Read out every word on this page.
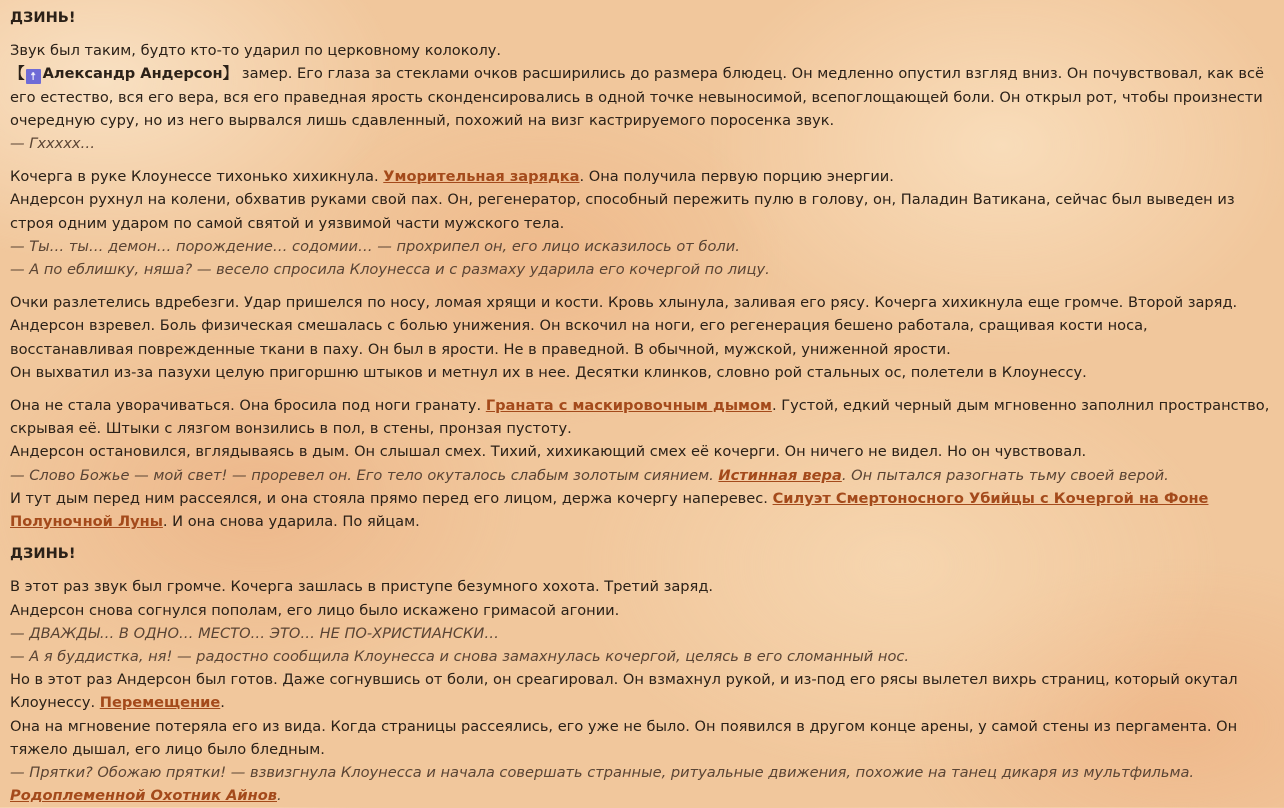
ДЗИНЬ!

Звук был таким, будто кто-то ударил по церковному колоколу.

【 ☨ Александр Андерсон】 замер. Его глаза за стеклами очков расширились до размера блюдец. Он медленно опустил взгляд вниз. Он почувствовал, как всё его естество, вся его вера, вся его праведная ярость сконденсировались в одной точке невыносимой, всепоглощающей боли. Он открыл рот, чтобы произнести очередную суру, но из него вырвался лишь сдавленный, похожий на визг кастрируемого поросенка звук.

— Гxxxxx…

Кочерга в руке Клоунессе тихонько хихикнула. Уморительная зарядка. Она получила первую порцию энергии.

Андерсон рухнул на колени, обхватив руками свой пах. Он, регенератор, способный пережить пулю в голову, он, Паладин Ватикана, сейчас был выведен из строя одним ударом по самой святой и уязвимой части мужского тела.

— Ты… ты… демон… порождение… содомии… — прохрипел он, его лицо исказилось от боли.

— А по еблишку, няша? — весело спросила Клоунесса и с размаху ударила его кочергой по лицу.

Очки разлетелись вдребезги. Удар пришелся по носу, ломая хрящи и кости. Кровь хлынула, заливая его рясу. Кочерга хихикнула еще громче. Второй заряд.

Андерсон взревел. Боль физическая смешалась с болью унижения. Он вскочил на ноги, его регенерация бешено работала, сращивая кости носа, восстанавливая поврежденные ткани в паху. Он был в ярости. Не в праведной. В обычной, мужской, униженной ярости.

Он выхватил из-за пазухи целую пригоршню штыков и метнул их в нее. Десятки клинков, словно рой стальных ос, полетели в Клоунессу.

Она не стала уворачиваться. Она бросила под ноги гранату. Граната с маскировочным дымом. Густой, едкий черный дым мгновенно заполнил пространство, скрывая её. Штыки с лязгом вонзились в пол, в стены, пронзая пустоту.

Андерсон остановился, вглядываясь в дым. Он слышал смех. Тихий, хихикающий смех её кочерги. Он ничего не видел. Но он чувствовал.

— Слово Божье — мой свет! — проревел он. Его тело окуталось слабым золотым сиянием. Истинная вера. Он пытался разогнать тьму своей верой.

И тут дым перед ним рассеялся, и она стояла прямо перед его лицом, держа кочергу наперевес. Силуэт Смертоносного Убийцы с Кочергой на Фоне Полуночной Луны. И она снова ударила. По яйцам.

ДЗИНЬ!

В этот раз звук был громче. Кочерга зашлась в приступе безумного хохота. Третий заряд.

Андерсон снова согнулся пополам, его лицо было искажено гримасой агонии.

— ДВАЖДЫ… В ОДНО… МЕСТО… ЭТО… НЕ ПО-ХРИСТИАНСКИ…

— А я буддистка, ня! — радостно сообщила Клоунесса и снова замахнулась кочергой, целясь в его сломанный нос.

Но в этот раз Андерсон был готов. Даже согнувшись от боли, он среагировал. Он взмахнул рукой, и из-под его рясы вылетел вихрь страниц, который окутал Клоунессу. Перемещение.

Она на мгновение потеряла его из вида. Когда страницы рассеялись, его уже не было. Он появился в другом конце арены, у самой стены из пергамента. Он тяжело дышал, его лицо было бледным.

— Прятки? Обожаю прятки! — взвизгнула Клоунесса и начала совершать странные, ритуальные движения, похожие на танец дикаря из мультфильма. Родоплеменной Охотник Айнов.
